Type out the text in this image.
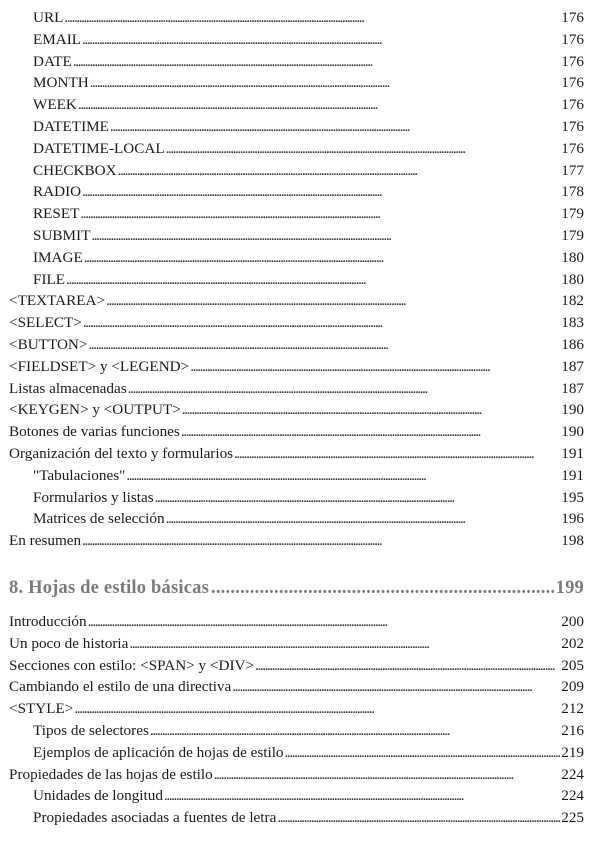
URL . . .	176
EMAIL . . .	176
DATE . . .	176
MONTH . . .	176
WEEK . . .	176
DATETIME . . .	176
DATETIME-LOCAL . . .	176
CHECKBOX . . .	177
RADIO . . .	178
RESET . . .	179
SUBMIT . . .	179
IMAGE . . .	180
FILE . . .	180
<TEXTAREA> . . .	182
<SELECT> . . .	183
<BUTTON> . . .	186
<FIELDSET> y <LEGEND> . . .	187
Listas almacenadas . . .	187
<KEYGEN> y <OUTPUT> . . .	190
Botones de varias funciones . . .	190
Organización del texto y formularios . . .	191
"Tabulaciones" . . .	191
Formularios y listas . . .	195
Matrices de selección . . .	196
En resumen . . .	198
8. Hojas de estilo básicas . . .	199
Introducción . . .	200
Un poco de historia . . .	202
Secciones con estilo: <SPAN> y <DIV> . . .	205
Cambiando el estilo de una directiva . . .	209
<STYLE> . . .	212
Tipos de selectores . . .	216
Ejemplos de aplicación de hojas de estilo . . .	219
Propiedades de las hojas de estilo . . .	224
Unidades de longitud . . .	224
Propiedades asociadas a fuentes de letra . . .	225
